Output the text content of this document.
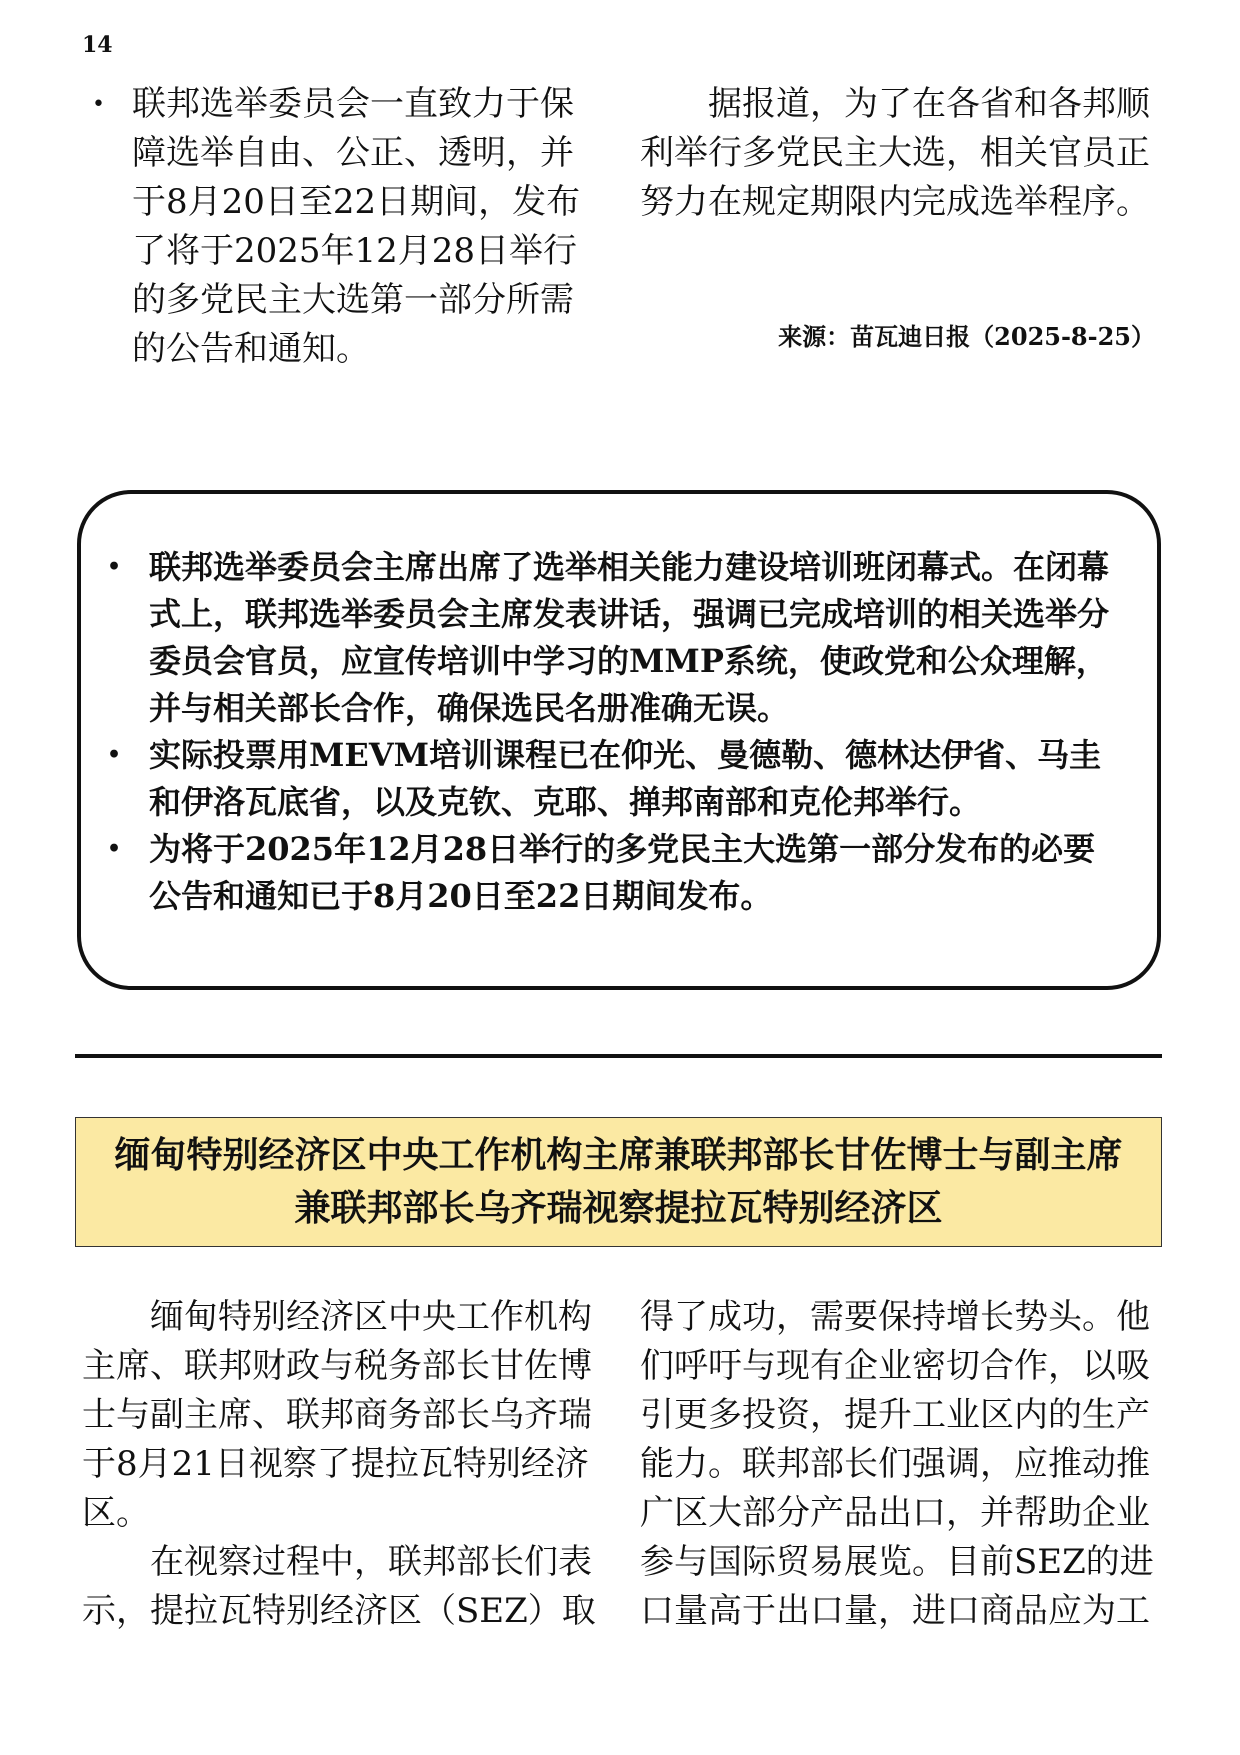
14
• 联邦选举委员会一直致力于保障选举自由、公正、透明，并于8月20日至22日期间，发布了将于2025年12月28日举行的多党民主大选第一部分所需的公告和通知。

据报道，为了在各省和各邦顺利举行多党民主大选，相关官员正努力在规定期限内完成选举程序。

来源：苗瓦迪日报（2025-8-25）
• 联邦选举委员会主席出席了选举相关能力建设培训班闭幕式。在闭幕式上，联邦选举委员会主席发表讲话，强调已完成培训的相关选举分委员会官员，应宣传培训中学习的MMP系统，使政党和公众理解，并与相关部长合作，确保选民名册准确无误。
• 实际投票用MEVM培训课程已在仰光、曼德勒、德林达伊省、马圭和伊洛瓦底省，以及克钦、克耶、掸邦南部和克伦邦举行。
• 为将于2025年12月28日举行的多党民主大选第一部分发布的必要公告和通知已于8月20日至22日期间发布。
缅甸特别经济区中央工作机构主席兼联邦部长甘佐博士与副主席
兼联邦部长乌齐瑞视察提拉瓦特别经济区

缅甸特别经济区中央工作机构主席、联邦财政与税务部长甘佐博士与副主席、联邦商务部长乌齐瑞于8月21日视察了提拉瓦特别经济区。

在视察过程中，联邦部长们表示，提拉瓦特别经济区（SEZ）取

得了成功，需要保持增长势头。他们呼吁与现有企业密切合作，以吸引更多投资，提升工业区内的生产能力。联邦部长们强调，应推动推广区大部分产品出口，并帮助企业参与国际贸易展览。目前SEZ的进口量高于出口量，进口商品应为工
